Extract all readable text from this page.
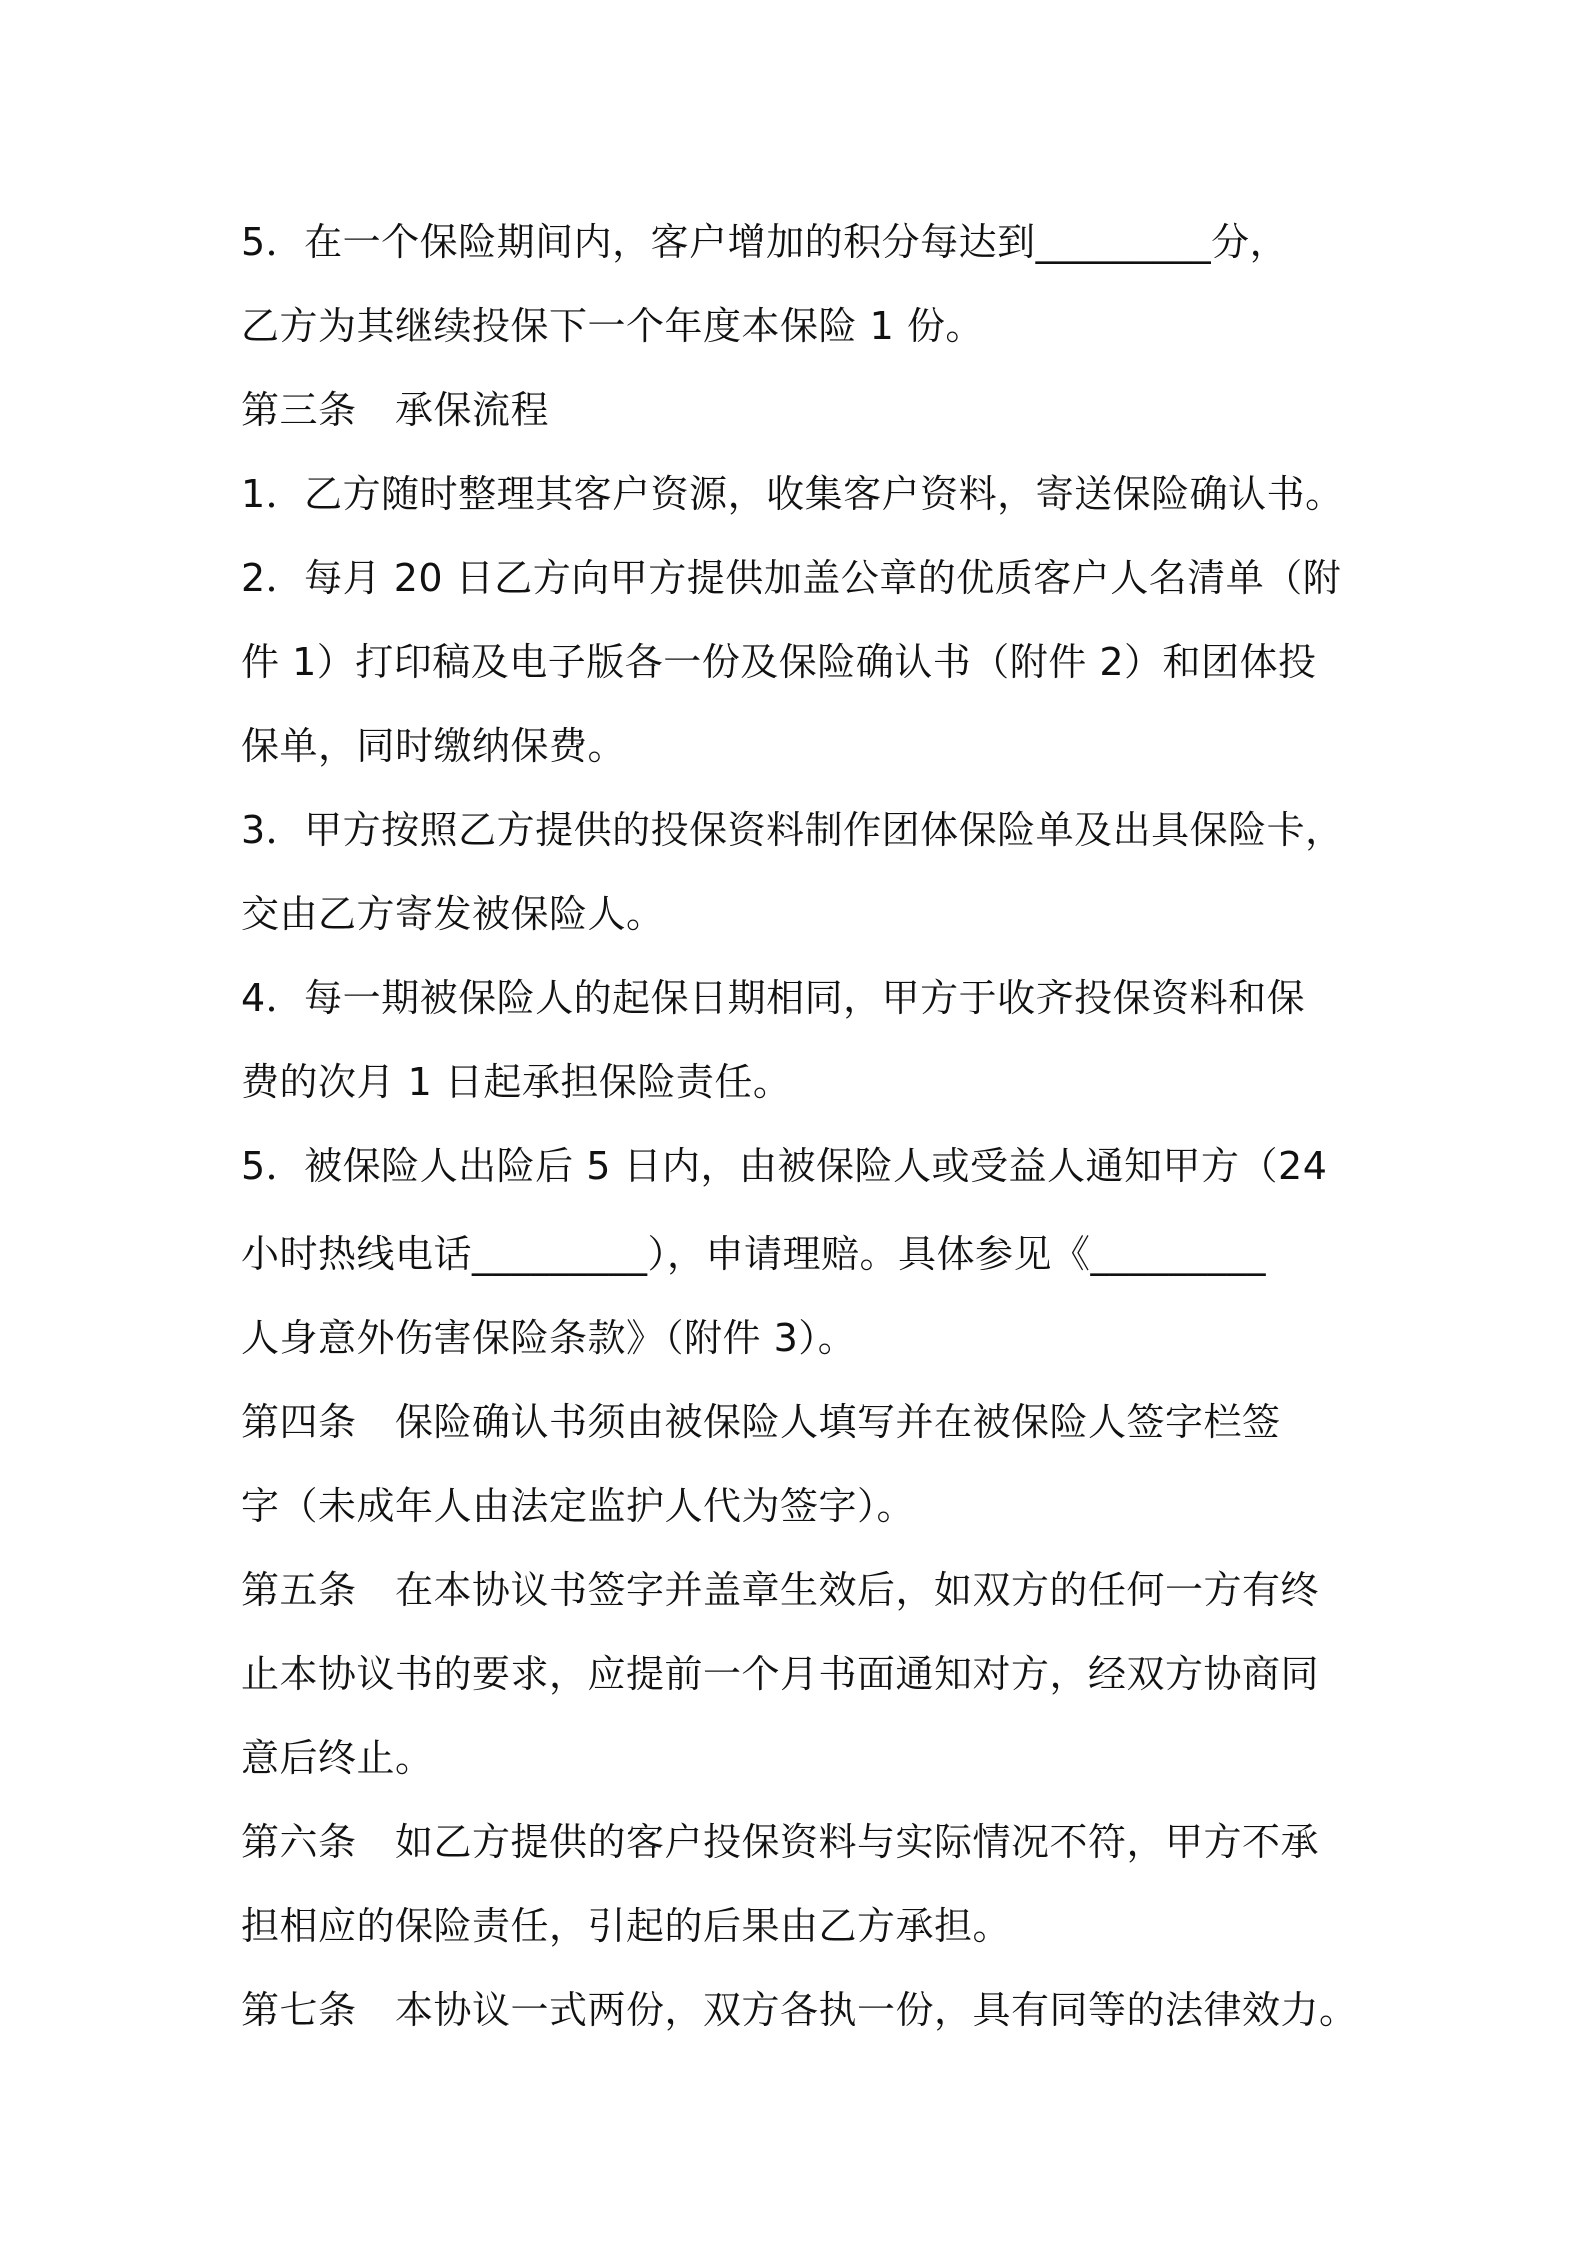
5．在一个保险期间内，客户增加的积分每达到_________分，
乙方为其继续投保下一个年度本保险 1 份。
第三条　承保流程
1．乙方随时整理其客户资源，收集客户资料，寄送保险确认书。
2．每月 20 日乙方向甲方提供加盖公章的优质客户人名清单（附
件 1）打印稿及电子版各一份及保险确认书（附件 2）和团体投
保单，同时缴纳保费。
3．甲方按照乙方提供的投保资料制作团体保险单及出具保险卡，
交由乙方寄发被保险人。
4．每一期被保险人的起保日期相同，甲方于收齐投保资料和保
费的次月 1 日起承担保险责任。
5．被保险人出险后 5 日内，由被保险人或受益人通知甲方（24
小时热线电话_________），申请理赔。具体参见《_________
人身意外伤害保险条款》（附件 3）。
第四条　保险确认书须由被保险人填写并在被保险人签字栏签
字（未成年人由法定监护人代为签字）。
第五条　在本协议书签字并盖章生效后，如双方的任何一方有终
止本协议书的要求，应提前一个月书面通知对方，经双方协商同
意后终止。
第六条　如乙方提供的客户投保资料与实际情况不符，甲方不承
担相应的保险责任，引起的后果由乙方承担。
第七条　本协议一式两份，双方各执一份，具有同等的法律效力。
